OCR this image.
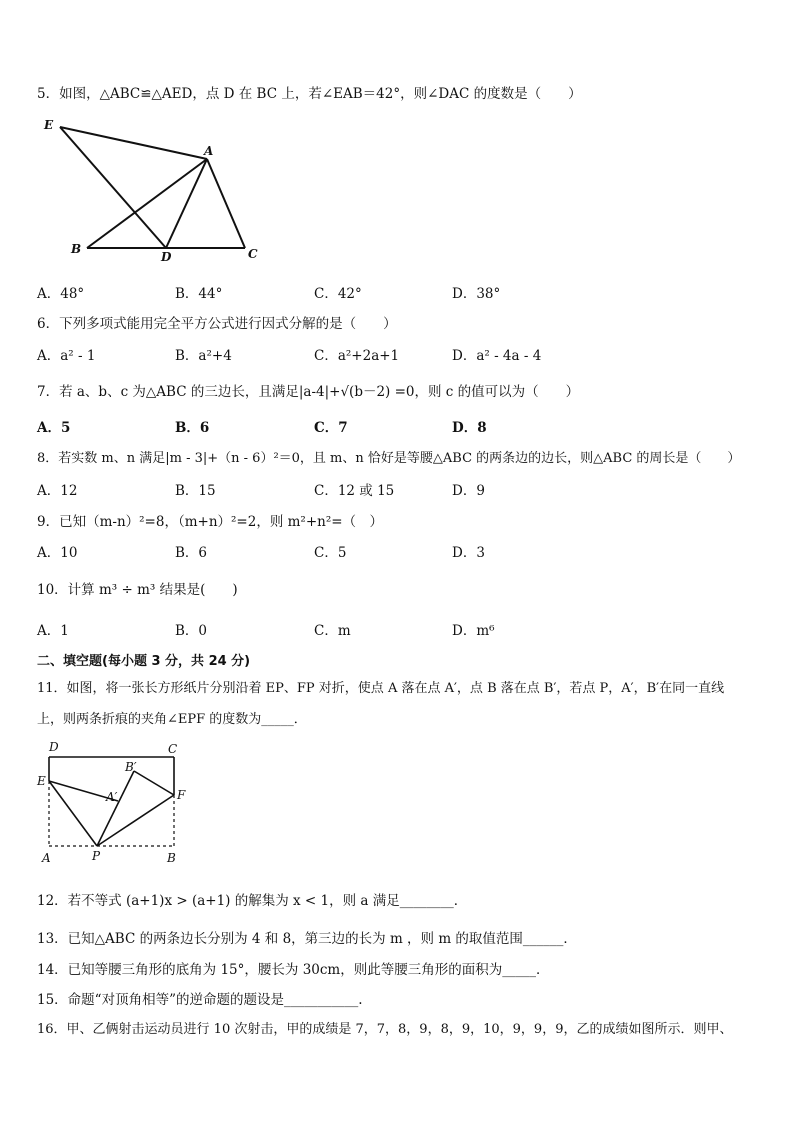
5．如图，△ABC≌△AED，点 D 在 BC 上，若∠EAB＝42°，则∠DAC 的度数是（　　）
E
A
B
D	C
A．48°	B．44°	C．42°	D．38°
6．下列多项式能用完全平方公式进行因式分解的是（　　）
A．a² - 1	B．a²+4	C．a²+2a+1	D．a² - 4a - 4
7．若 a、b、c 为△ABC 的三边长，且满足|a-4|+√(b－2) =0，则 c 的值可以为（　　）
A．5	B．6	C．7	D．8
8．若实数 m、n 满足|m - 3|+（n - 6）²＝0，且 m、n 恰好是等腰△ABC 的两条边的边长，则△ABC 的周长是（　　）
A．12	B．15	C．12 或 15	D．9
9．已知（m-n）²=8，（m+n）²=2，则 m²+n²=（　）
A．10	B．6	C．5	D．3
10．计算 m³ ÷ m³ 结果是(　　)
A．1	B．0	C．m	D．m⁶
二、填空题(每小题 3 分，共 24 分)
11．如图，将一张长方形纸片分别沿着 EP、FP 对折，使点 A 落在点 A′，点 B 落在点 B′，若点 P，A′，B′在同一直线
上，则两条折痕的夹角∠EPF 的度数为_____．
D	C
E
B′
A′	F
A	P	B
12．若不等式 (a+1)x > (a+1) 的解集为 x < 1，则 a 满足________．
13．已知△ABC 的两条边长分别为 4 和 8，第三边的长为 m ，则 m 的取值范围______．
14．已知等腰三角形的底角为 15°，腰长为 30cm，则此等腰三角形的面积为_____．
15．命题“对顶角相等”的逆命题的题设是___________.
16．甲、乙俩射击运动员进行 10 次射击，甲的成绩是 7，7，8，9，8，9，10，9，9，9，乙的成绩如图所示．则甲、
